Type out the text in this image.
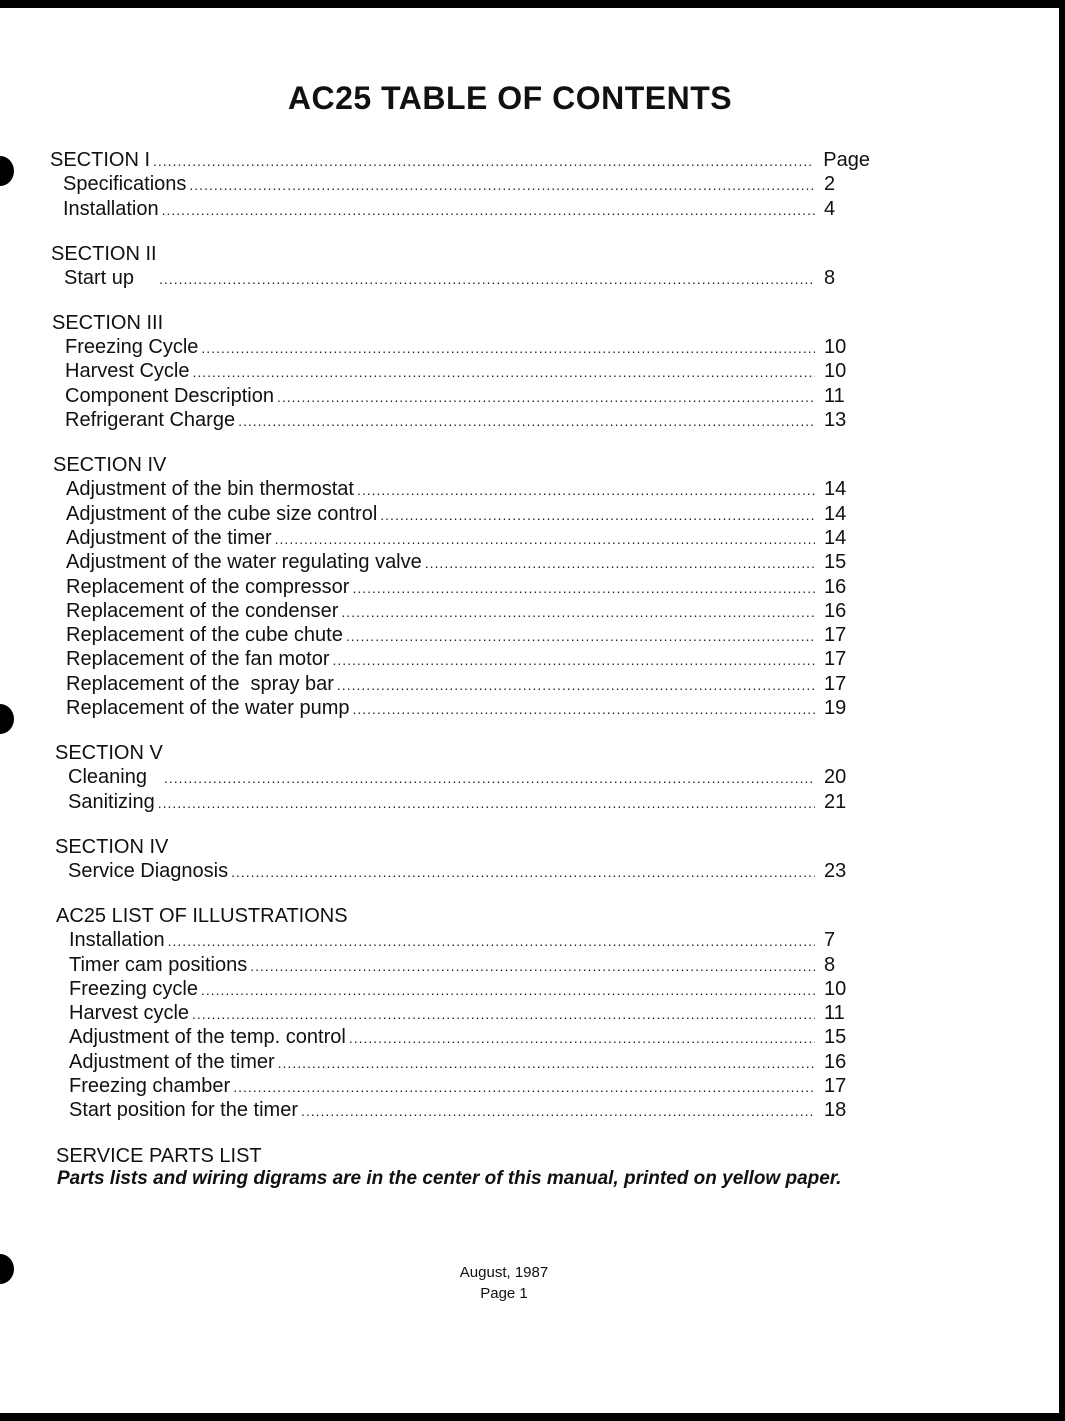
AC25 TABLE OF CONTENTS
SECTION I .....	Page
Specifications .....	2
Installation .....	4
SECTION II
Start up .....	8
SECTION III
Freezing Cycle .....	10
Harvest Cycle .....	10
Component Description .....	11
Refrigerant Charge .....	13
SECTION IV
Adjustment of the bin thermostat .....	14
Adjustment of the cube size control .....	14
Adjustment of the timer .....	14
Adjustment of the water regulating valve .....	15
Replacement of the compressor .....	16
Replacement of the condenser .....	16
Replacement of the cube chute .....	17
Replacement of the fan motor .....	17
Replacement of the  spray bar .....	17
Replacement of the water pump .....	19
SECTION V
Cleaning .....	20
Sanitizing .....	21
SECTION IV
Service Diagnosis .....	23
AC25 LIST OF ILLUSTRATIONS
Installation .....	7
Timer cam positions .....	8
Freezing cycle .....	10
Harvest cycle .....	11
Adjustment of the temp. control .....	15
Adjustment of the timer .....	16
Freezing chamber .....	17
Start position for the timer .....	18
SERVICE PARTS LIST
Parts lists and wiring digrams are in the center of this manual, printed on yellow paper.
August, 1987
Page 1
